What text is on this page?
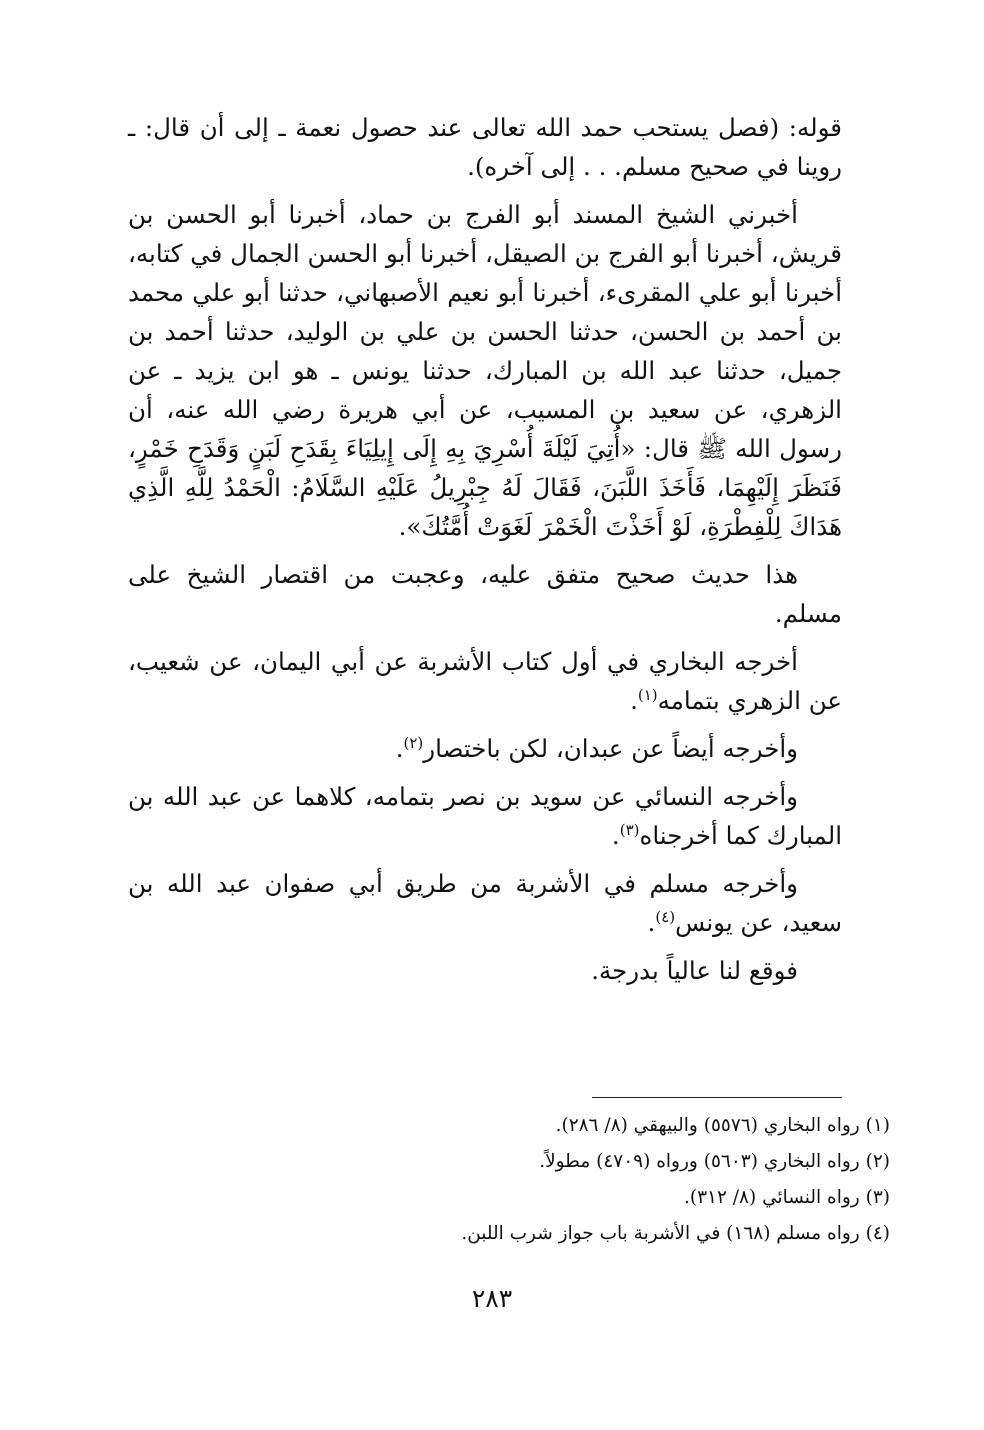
قوله: (فصل يستحب حمد الله تعالى عند حصول نعمة ـ إلى أن قال: ـ روينا في صحيح مسلم. . . إلى آخره).

أخبرني الشيخ المسند أبو الفرج بن حماد، أخبرنا أبو الحسن بن قريش، أخبرنا أبو الفرج بن الصيقل، أخبرنا أبو الحسن الجمال في كتابه، أخبرنا أبو علي المقرىء، أخبرنا أبو نعيم الأصبهاني، حدثنا أبو علي محمد بن أحمد بن الحسن، حدثنا الحسن بن علي بن الوليد، حدثنا أحمد بن جميل، حدثنا عبد الله بن المبارك، حدثنا يونس ـ هو ابن يزيد ـ عن الزهري، عن سعيد بن المسيب، عن أبي هريرة رضي الله عنه، أن رسول الله ﷺ قال: «أُتِيَ لَيْلَةَ أُسْرِيَ بِهِ إِلَى إِيلِيَاءَ بِقَدَحِ لَبَنٍ وَقَدَحِ خَمْرٍ، فَنَظَرَ إِلَيْهِمَا، فَأَخَذَ اللَّبَنَ، فَقَالَ لَهُ جِبْرِيلُ عَلَيْهِ السَّلَامُ: الْحَمْدُ لِلَّهِ الَّذِي هَدَاكَ لِلْفِطْرَةِ، لَوْ أَخَذْتَ الْخَمْرَ لَغَوَتْ أُمَّتُكَ».

هذا حديث صحيح متفق عليه، وعجبت من اقتصار الشيخ على مسلم.

أخرجه البخاري في أول كتاب الأشربة عن أبي اليمان، عن شعيب، عن الزهري بتمامه$^{(١)}$.

وأخرجه أيضاً عن عبدان، لكن باختصار$^{(٢)}$.

وأخرجه النسائي عن سويد بن نصر بتمامه، كلاهما عن عبد الله بن المبارك كما أخرجناه$^{(٣)}$.

وأخرجه مسلم في الأشربة من طريق أبي صفوان عبد الله بن سعيد، عن يونس$^{(٤)}$.

فوقع لنا عالياً بدرجة.

(١) رواه البخاري (٥٥٧٦) والبيهقي (٨/ ٢٨٦).

(٢) رواه البخاري (٥٦٠٣) ورواه (٤٧٠٩) مطولاً.

(٣) رواه النسائي (٨/ ٣١٢).

(٤) رواه مسلم (١٦٨) في الأشربة باب جواز شرب اللبن.

٢٨٣
